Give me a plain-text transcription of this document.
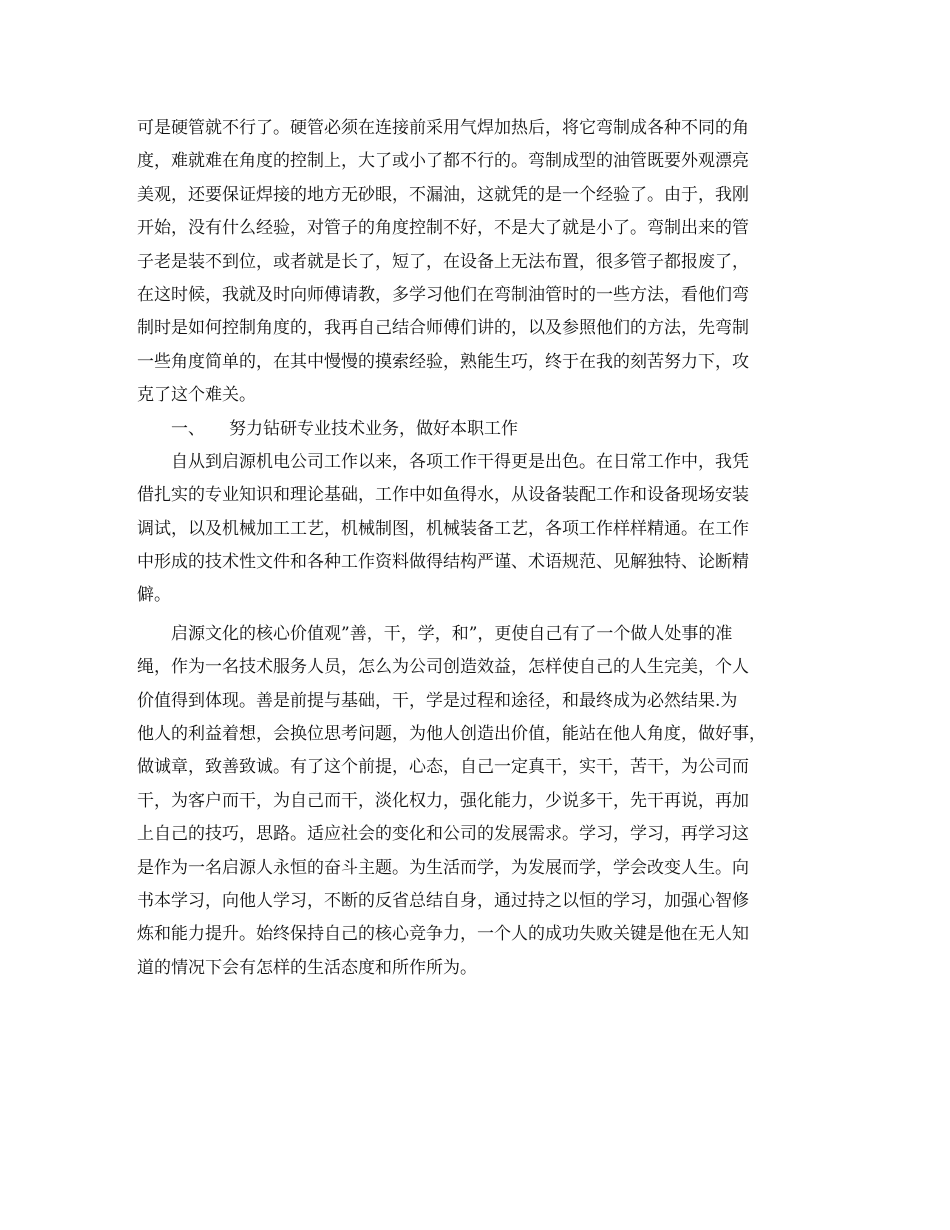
可是硬管就不行了。硬管必须在连接前采用气焊加热后，将它弯制成各种不同的角
度，难就难在角度的控制上，大了或小了都不行的。弯制成型的油管既要外观漂亮
美观，还要保证焊接的地方无砂眼，不漏油，这就凭的是一个经验了。由于，我刚
开始，没有什么经验，对管子的角度控制不好，不是大了就是小了。弯制出来的管
子老是装不到位，或者就是长了，短了，在设备上无法布置，很多管子都报废了，
在这时候，我就及时向师傅请教，多学习他们在弯制油管时的一些方法，看他们弯
制时是如何控制角度的，我再自己结合师傅们讲的，以及参照他们的方法，先弯制
一些角度简单的，在其中慢慢的摸索经验，熟能生巧，终于在我的刻苦努力下，攻
克了这个难关。
一、 努力钻研专业技术业务，做好本职工作
自从到启源机电公司工作以来，各项工作干得更是出色。在日常工作中，我凭
借扎实的专业知识和理论基础，工作中如鱼得水，从设备装配工作和设备现场安装
调试，以及机械加工工艺，机械制图，机械装备工艺，各项工作样样精通。在工作
中形成的技术性文件和各种工作资料做得结构严谨、术语规范、见解独特、论断精
僻。
启源文化的核心价值观”善，干，学，和”，更使自己有了一个做人处事的准
绳，作为一名技术服务人员，怎么为公司创造效益，怎样使自己的人生完美，个人
价值得到体现。善是前提与基础，干，学是过程和途径，和最终成为必然结果.为
他人的利益着想，会换位思考问题，为他人创造出价值，能站在他人角度，做好事，
做诚章，致善致诚。有了这个前提，心态，自己一定真干，实干，苦干，为公司而
干，为客户而干，为自己而干，淡化权力，强化能力，少说多干，先干再说，再加
上自己的技巧，思路。适应社会的变化和公司的发展需求。学习，学习，再学习这
是作为一名启源人永恒的奋斗主题。为生活而学，为发展而学，学会改变人生。向
书本学习，向他人学习，不断的反省总结自身，通过持之以恒的学习，加强心智修
炼和能力提升。始终保持自己的核心竞争力，一个人的成功失败关键是他在无人知
道的情况下会有怎样的生活态度和所作所为。
